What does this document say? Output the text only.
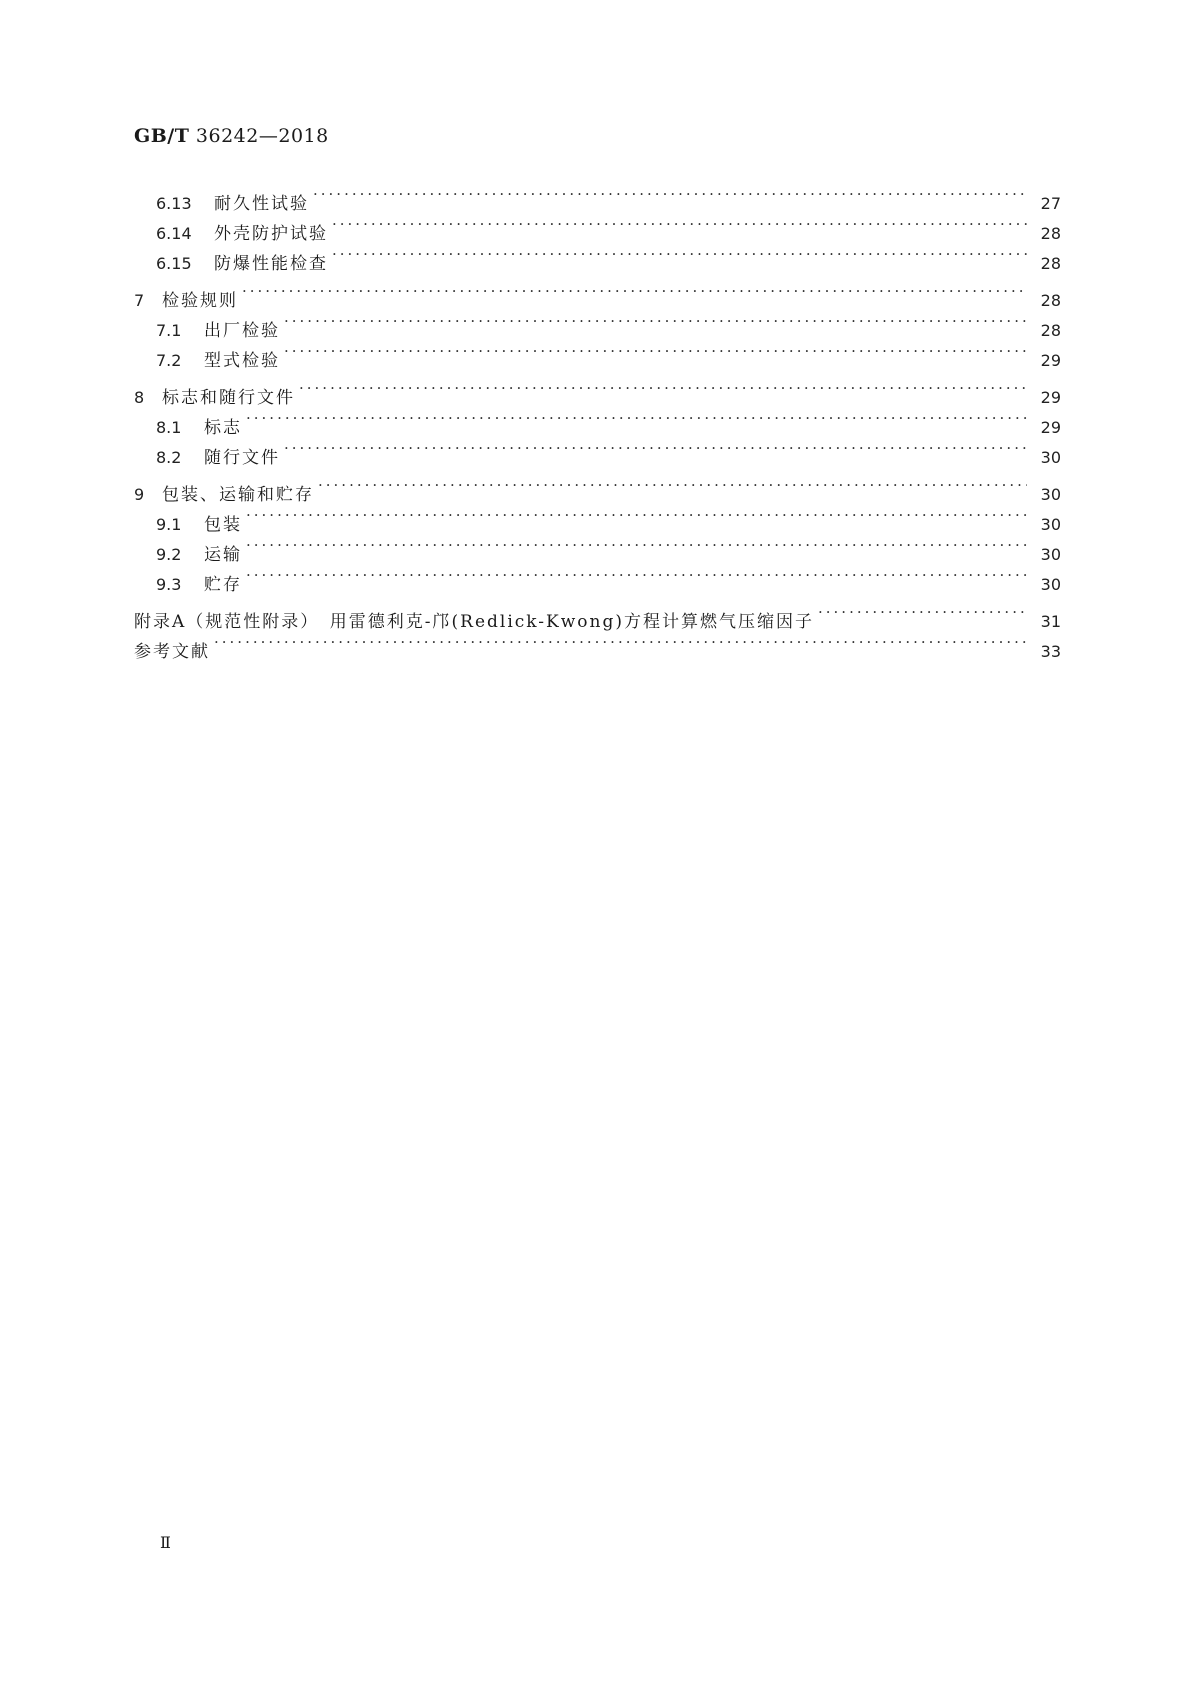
GB/T 36242—2018
6.13	耐久性试验 ·····	27
6.14	外壳防护试验 ·····	28
6.15	防爆性能检查 ·····	28
7	检验规则 ·····	28
7.1	出厂检验 ·····	28
7.2	型式检验 ·····	29
8	标志和随行文件 ·····	29
8.1	标志 ·····	29
8.2	随行文件 ·····	30
9	包装、运输和贮存 ·····	30
9.1	包装 ·····	30
9.2	运输 ·····	30
9.3	贮存 ·····	30
附录A（规范性附录）　用雷德利克-邝(Redlick-Kwong)方程计算燃气压缩因子 ·····	31
参考文献 ·····	33
Ⅱ
